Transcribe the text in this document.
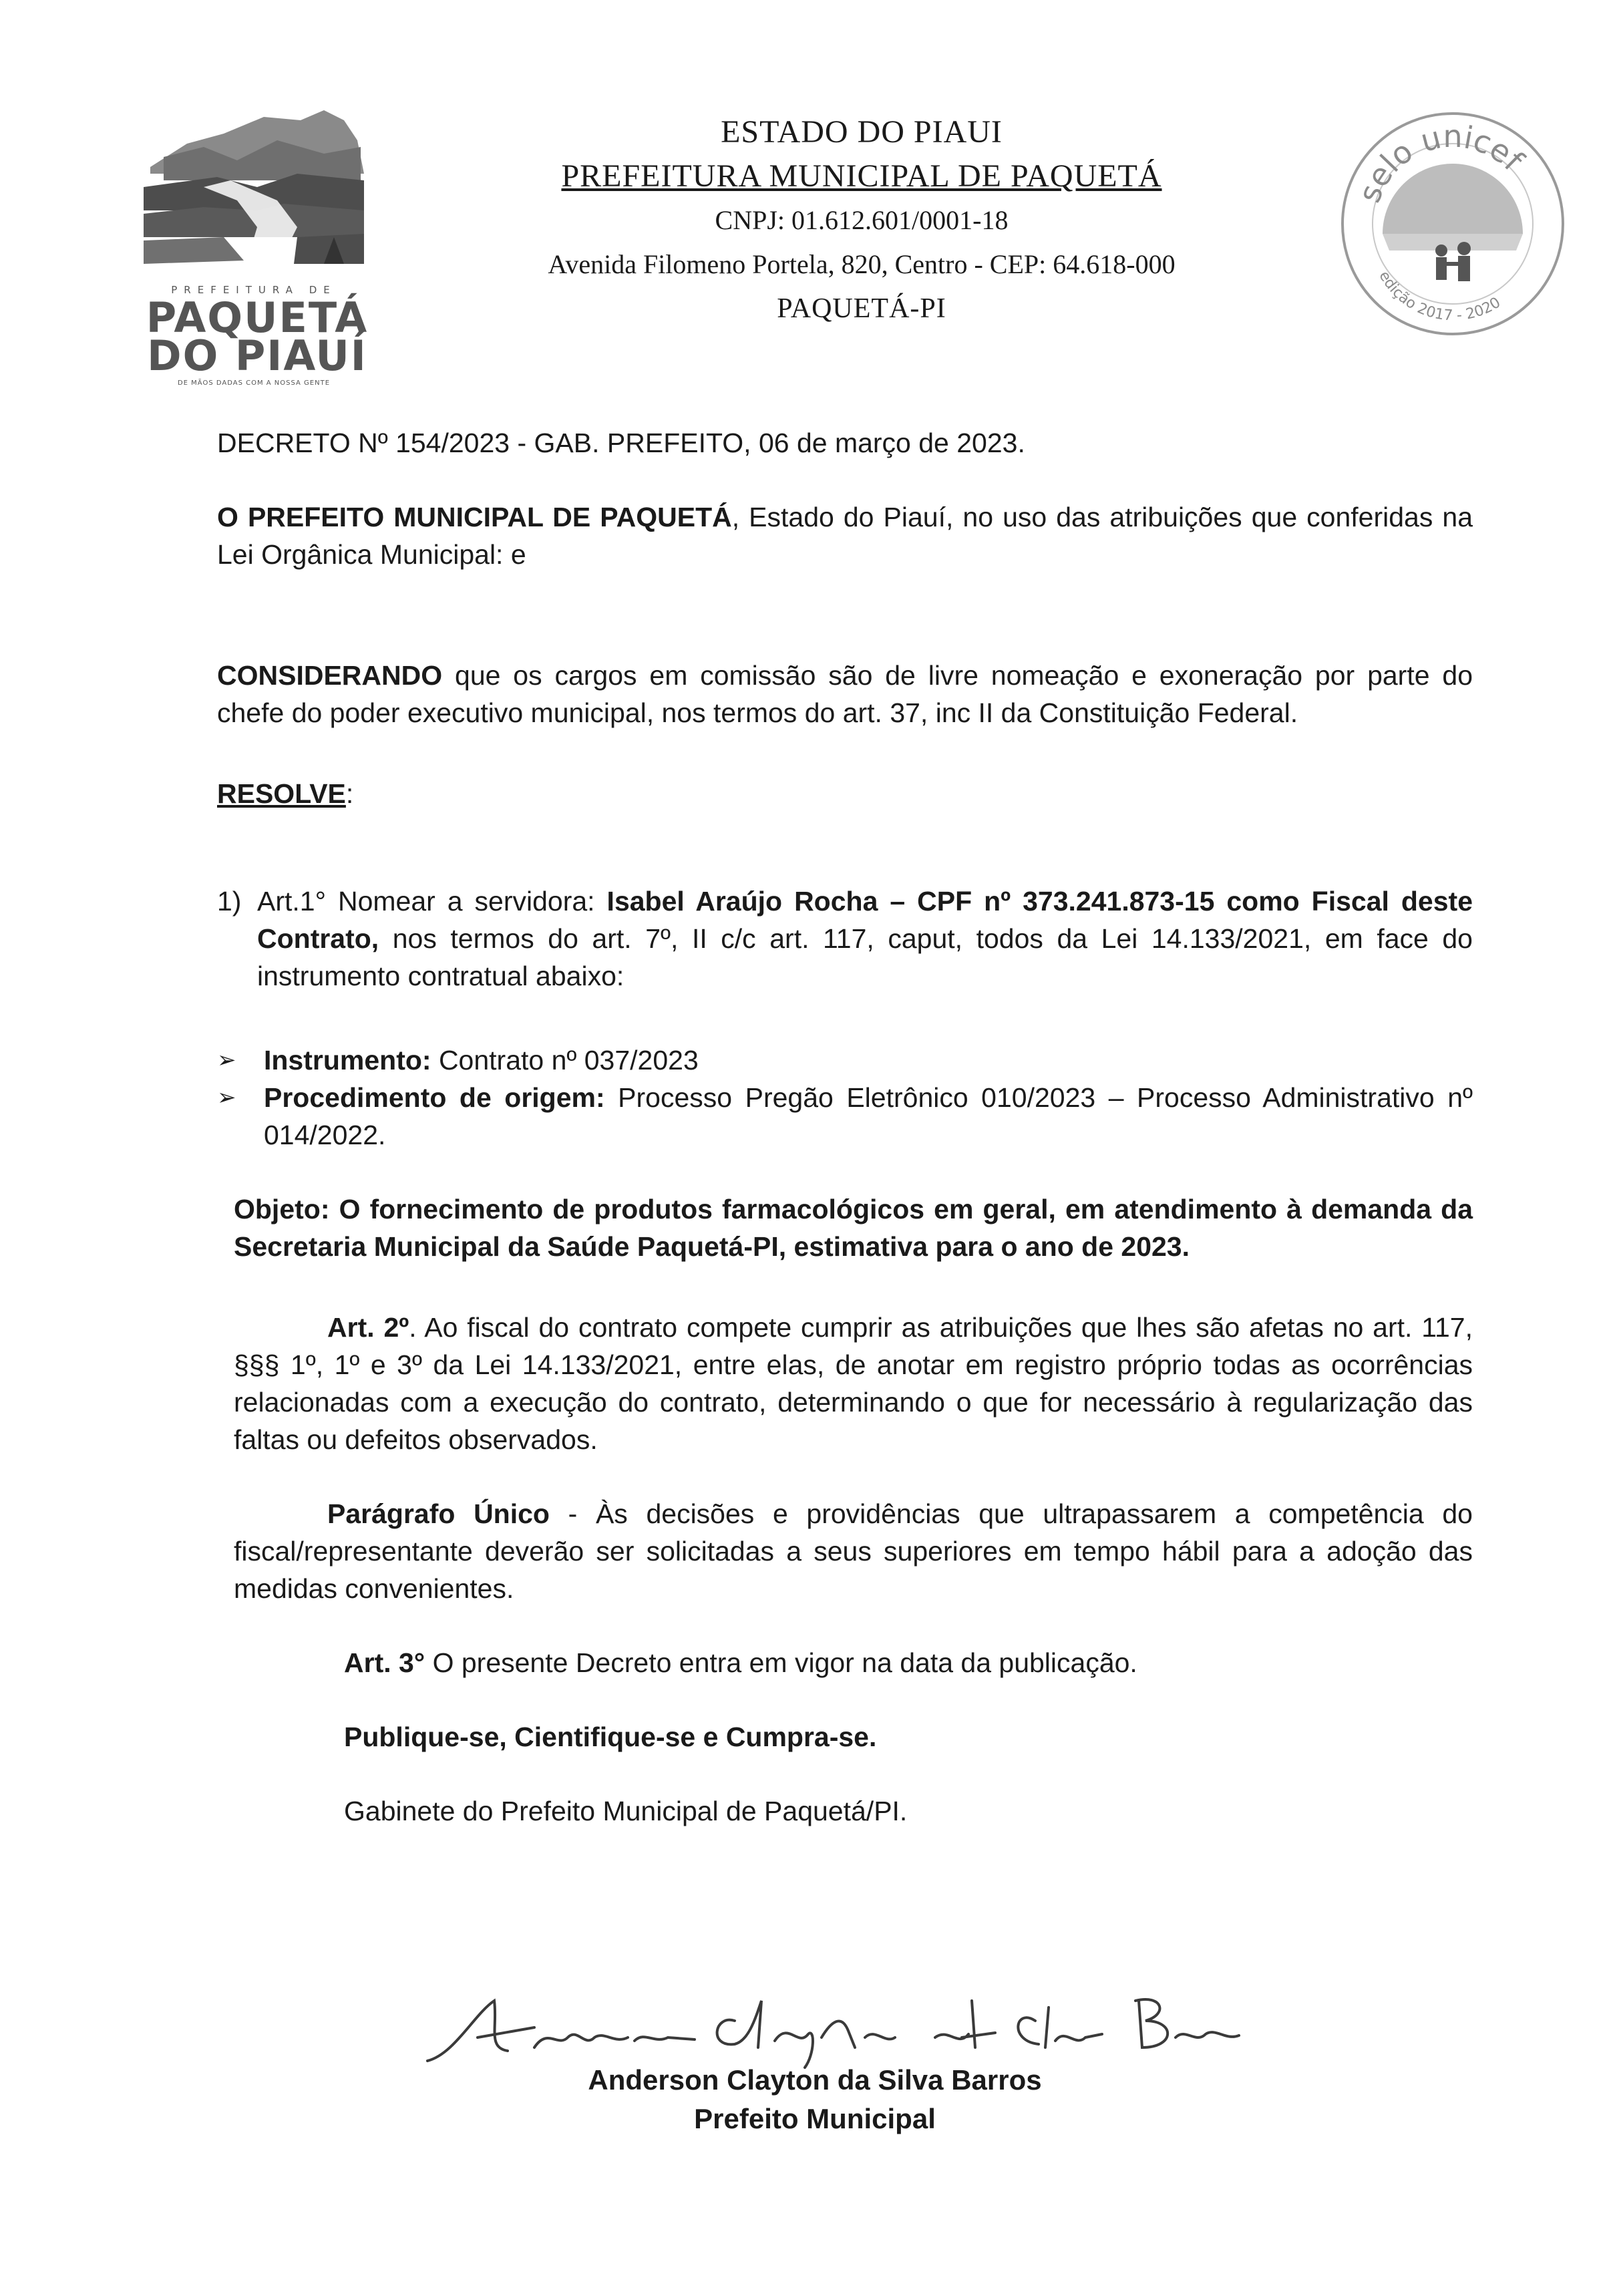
PREFEITURA DE
PAQUETÁ
DO PIAUÍ
DE MÃOS DADAS COM A NOSSA GENTE
ESTADO DO PIAUI
PREFEITURA MUNICIPAL DE PAQUETÁ
CNPJ: 01.612.601/0001-18
Avenida Filomeno Portela, 820, Centro - CEP: 64.618-000
PAQUETÁ-PI
selo unicef
edição 2017 - 2020

DECRETO Nº 154/2023 - GAB. PREFEITO, 06 de março de 2023.

O PREFEITO MUNICIPAL DE PAQUETÁ, Estado do Piauí, no uso das atribuições que conferidas na Lei Orgânica Municipal: e

CONSIDERANDO que os cargos em comissão são de livre nomeação e exoneração por parte do chefe do poder executivo municipal, nos termos do art. 37, inc II da Constituição Federal.

RESOLVE:

1) Art.1° Nomear a servidora: Isabel Araújo Rocha – CPF nº 373.241.873-15 como Fiscal deste Contrato, nos termos do art. 7º, II c/c art. 117, caput, todos da Lei 14.133/2021, em face do instrumento contratual abaixo:
➢	Instrumento: Contrato nº 037/2023
➢	Procedimento de origem: Processo Pregão Eletrônico 010/2023 – Processo Administrativo nº 014/2022.

Objeto: O fornecimento de produtos farmacológicos em geral, em atendimento à demanda da Secretaria Municipal da Saúde Paquetá-PI, estimativa para o ano de 2023.

Art. 2º. Ao fiscal do contrato compete cumprir as atribuições que lhes são afetas no art. 117, §§§ 1º, 1º e 3º da Lei 14.133/2021, entre elas, de anotar em registro próprio todas as ocorrências relacionadas com a execução do contrato, determinando o que for necessário à regularização das faltas ou defeitos observados.

Parágrafo Único - Às decisões e providências que ultrapassarem a competência do fiscal/representante deverão ser solicitadas a seus superiores em tempo hábil para a adoção das medidas convenientes.

Art. 3° O presente Decreto entra em vigor na data da publicação.

Publique-se, Cientifique-se e Cumpra-se.

Gabinete do Prefeito Municipal de Paquetá/PI.

Anderson Clayton da Silva Barros
Prefeito Municipal
